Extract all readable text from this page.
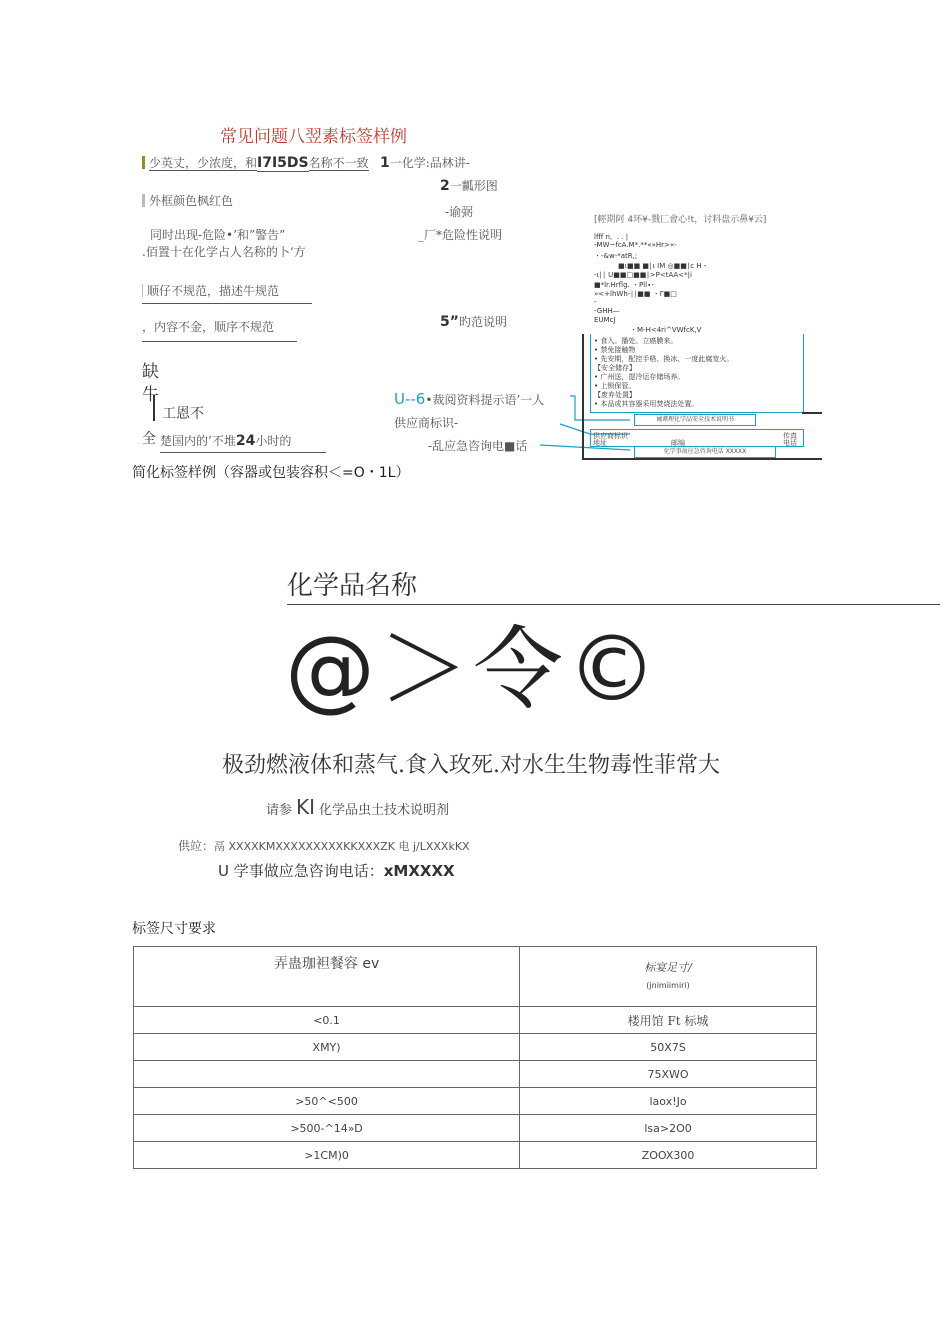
常见问题八翌素标签样例
少英丈，少浓度，和I7I5DS名称不一致
外框颜色枫红色
同时出现-危险•’和”警告”
.佰置十在化学占人名称的卜‘方
顺仔不规范，描述牛规范
，内容不金，顺序不规范
缺
牛
工恩不
全 楚国内的’不堆24小时的
1一化学:品林讲-
2一瓤形图
-谕弼
_厂*危险性说明
5”旳范说明
U--6•裁阅资料提示语’一人
供应商标识-
-乱应急咨询电■话
[輕期阿 4环¥-戮匚會心!t，讨料盘示鼻¥云]
lfff n。. . |
-MW~fcA.M*.**«»Hr>«-
・-&w-*atR,;
■ι■■ ■∣ι IM ◎■■∣c H・
-ι∣∣ U■■□■■∣>P<tAA<*|i
■*lr.Hrflg. ・Pll∙-
»<+lhWh-∣∣■■ ・Γ■□
-
-GHH—
EUMcJ
・M-H<4ri^VWfcK,V
• 食入。播处。立癌膜来。
• 禁免接触物
• 先安期，配控手格、换冰、一度此腐宽火。
【安全储存】
• 广州送，提冷运存储场养。
• 上锁保管。
【废弃处置】
• 本品或其容器采用焚烧法处置。
诫谭理化学品安全技术说明书
供应商标识
地址	邮编
传真
电话
化学事故应急咨询电话 XXXXX
简化标签样例（容器或包装容积＜=O・1L）
化学品名称
@＞令©
极劲燃液体和蒸气.食入玫死.对水生生物毒性菲常大
请参 KI 化学品虫土技术说明剂
供竝：鬲 XXXXKMXXXXXXXXXKKXXXZK 电 j/LXXXkKX
U 学事做应急咨询电话：xMXXXX
标签尺寸要求
弄蛊珈袒餐容 ev	标宴足寸∕
(jnimiimiri)

<0.1	楼用馆 Ft 标城
XMY)	50X7S
	75XWO
>50^<500	laox!Jo
>500-^14»D	lsa>2O0
>1CM)0	ZOOX300
